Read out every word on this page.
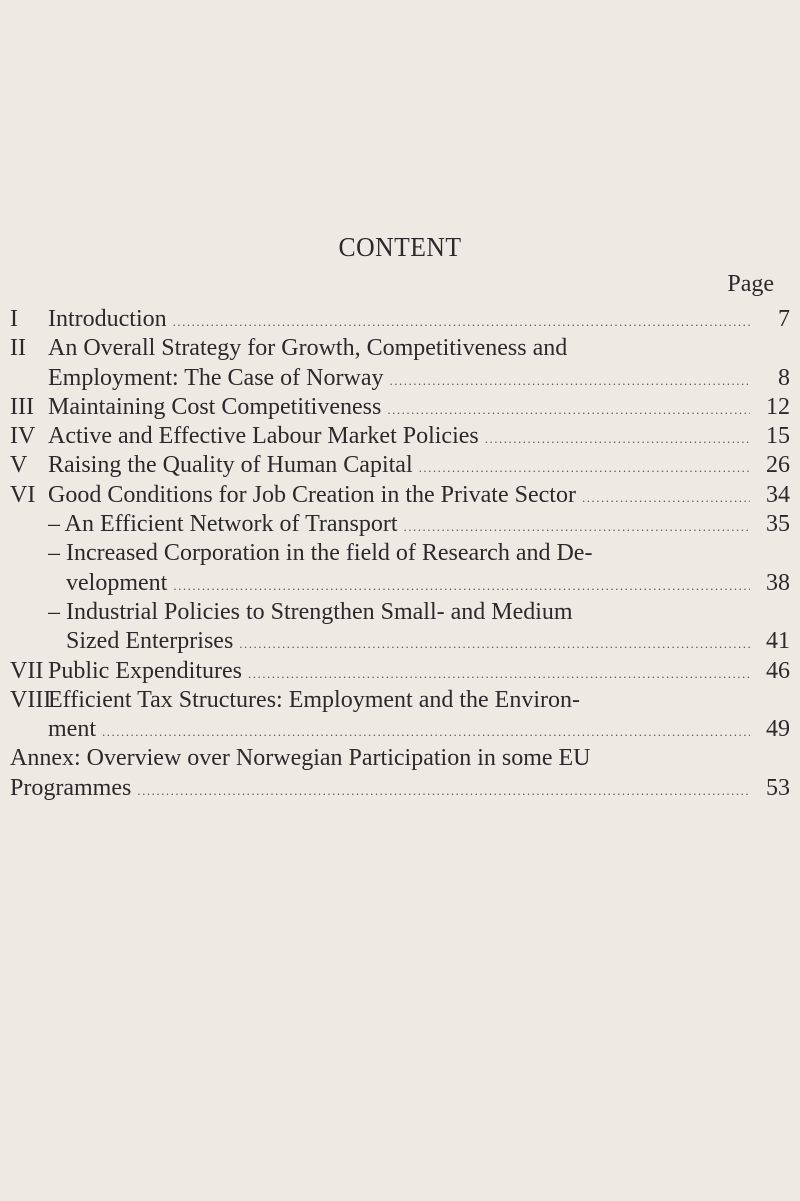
CONTENT
Page
I Introduction .....	7
II An Overall Strategy for Growth, Competitiveness and
Employment: The Case of Norway .....	8
III Maintaining Cost Competitiveness .....	12
IV Active and Effective Labour Market Policies .....	15
V Raising the Quality of Human Capital .....	26
VI Good Conditions for Job Creation in the Private Sector .....	34
– An Efficient Network of Transport .....	35
– Increased Corporation in the field of Research and De-
velopment .....	38
– Industrial Policies to Strengthen Small- and Medium
Sized Enterprises .....	41
VII Public Expenditures .....	46
VIII
Efficient Tax Structures: Employment and the Environ-
ment .....	49
Annex: Overview over Norwegian Participation in some EU
Programmes .....	53
